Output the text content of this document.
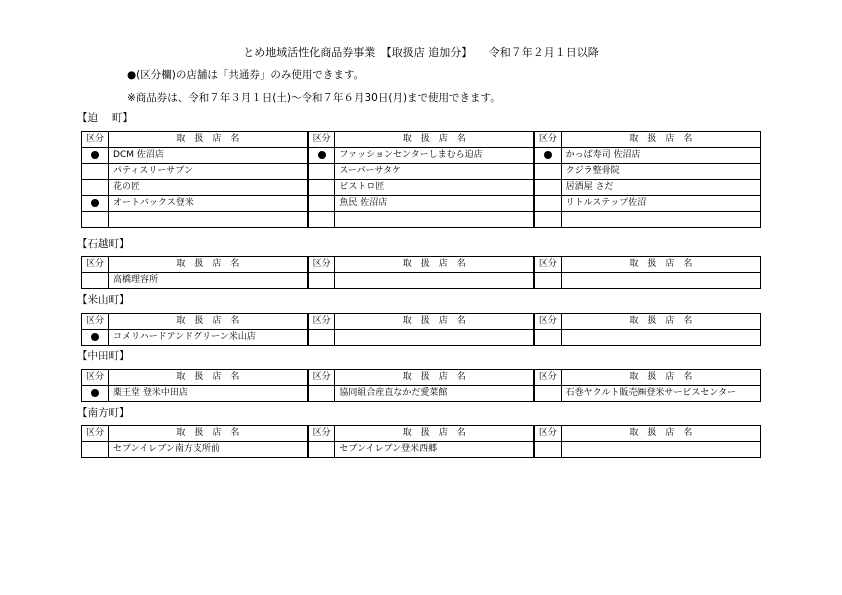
とめ地域活性化商品券事業　【取扱店 追加分】　　令和７年２月１日以降
●(区分欄)の店舗は「共通券」のみ使用できます。
※商品券は、令和７年３月１日(土)～令和７年６月30日(月)まで使用できます。
【迫　 町】
区分	取　扱　店　名	区分	取　扱　店　名	区分	取　扱　店　名
	DCM 佐沼店		ファッションセンターしまむら迫店		かっぱ寿司 佐沼店
	パティスリーサブン		スーパーサタケ		クジラ整骨院
	花の匠		ビストロ匠		居酒屋 さだ
	オートバックス登米		魚民 佐沼店		リトルステップ佐沼

【石越町】
区分	取　扱　店　名	区分	取　扱　店　名	区分	取　扱　店　名
	高橋理容所				
【米山町】
区分	取　扱　店　名	区分	取　扱　店　名	区分	取　扱　店　名
	コメリハードアンドグリーン米山店				
【中田町】
区分	取　扱　店　名	区分	取　扱　店　名	区分	取　扱　店　名
	薬王堂 登米中田店		協同組合産直なかだ愛菜館		石巻ヤクルト販売㈱登米サービスセンター
【南方町】
区分	取　扱　店　名	区分	取　扱　店　名	区分	取　扱　店　名
	セブンイレブン南方支所前		セブンイレブン登米西郷		
